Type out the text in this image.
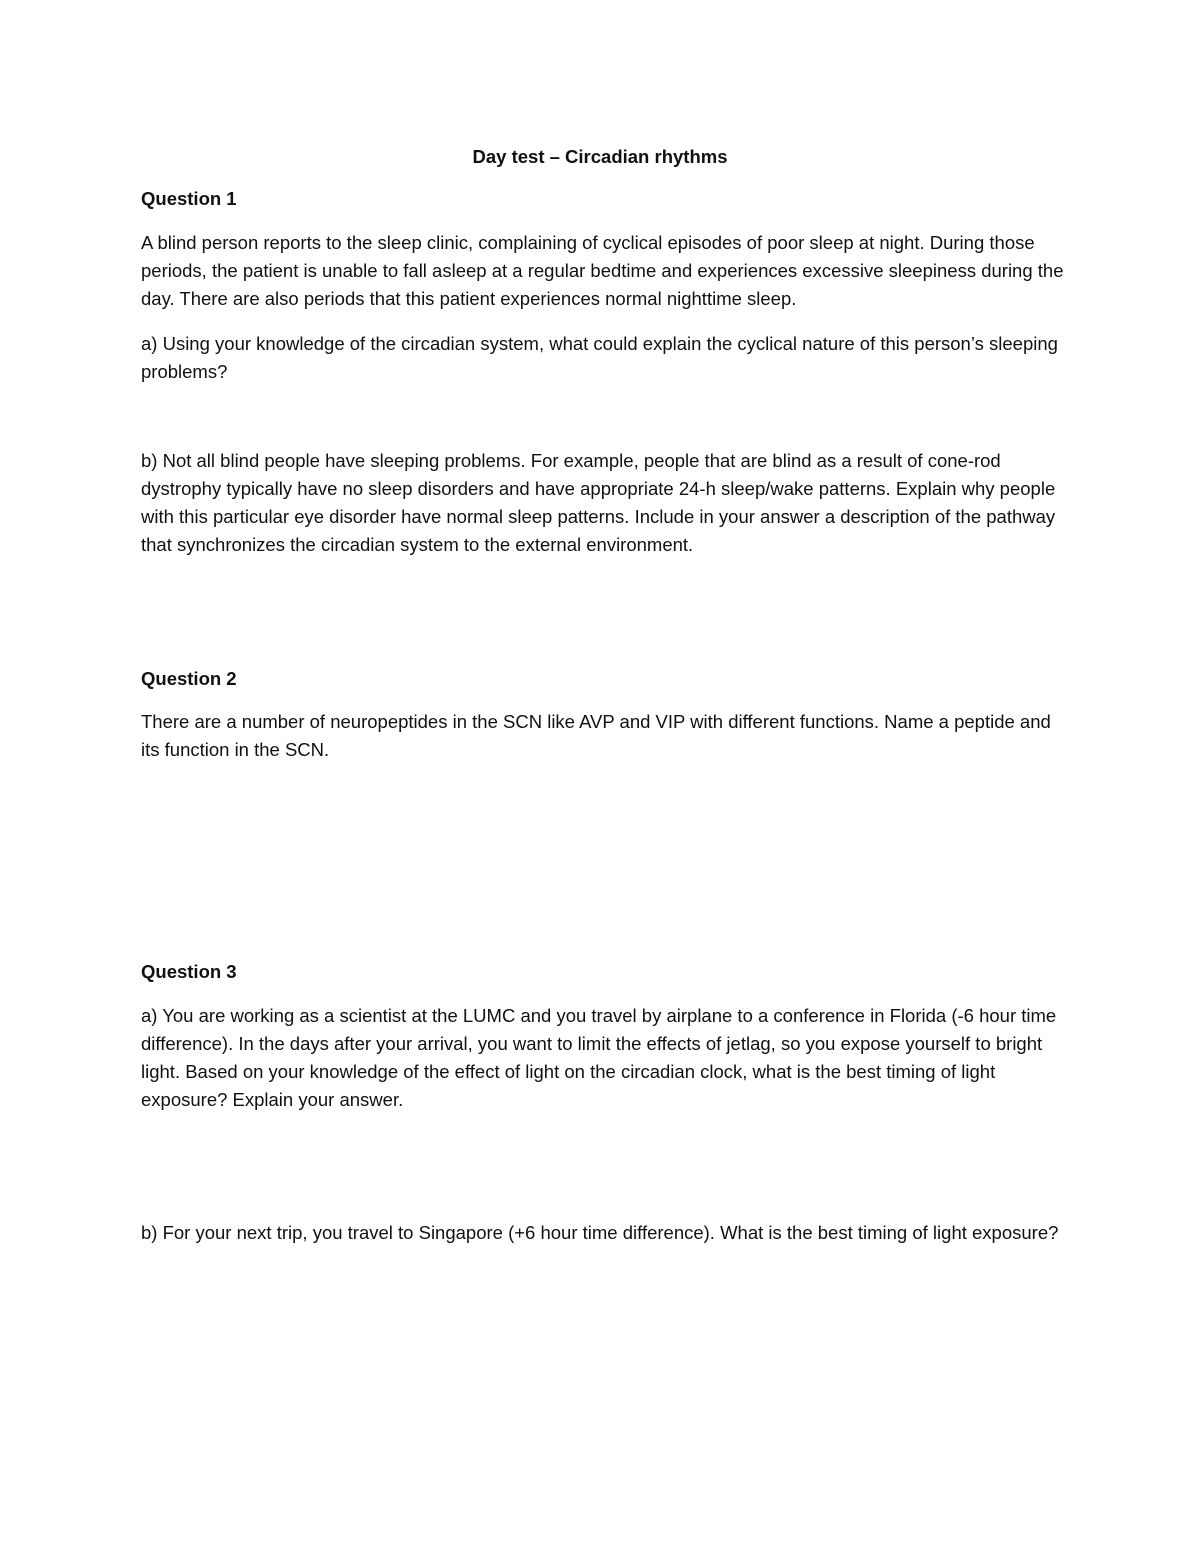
Day test – Circadian rhythms

Question 1

A blind person reports to the sleep clinic, complaining of cyclical episodes of poor sleep at night. During those periods, the patient is unable to fall asleep at a regular bedtime and experiences excessive sleepiness during the day. There are also periods that this patient experiences normal nighttime sleep.

a) Using your knowledge of the circadian system, what could explain the cyclical nature of this person’s sleeping problems?

b) Not all blind people have sleeping problems. For example, people that are blind as a result of cone-rod dystrophy typically have no sleep disorders and have appropriate 24-h sleep/wake patterns. Explain why people with this particular eye disorder have normal sleep patterns. Include in your answer a description of the pathway that synchronizes the circadian system to the external environment.

Question 2

There are a number of neuropeptides in the SCN like AVP and VIP with different functions. Name a peptide and its function in the SCN.

Question 3

a) You are working as a scientist at the LUMC and you travel by airplane to a conference in Florida (-6 hour time difference). In the days after your arrival, you want to limit the effects of jetlag, so you expose yourself to bright light. Based on your knowledge of the effect of light on the circadian clock, what is the best timing of light exposure? Explain your answer.

b) For your next trip, you travel to Singapore (+6 hour time difference). What is the best timing of light exposure?
